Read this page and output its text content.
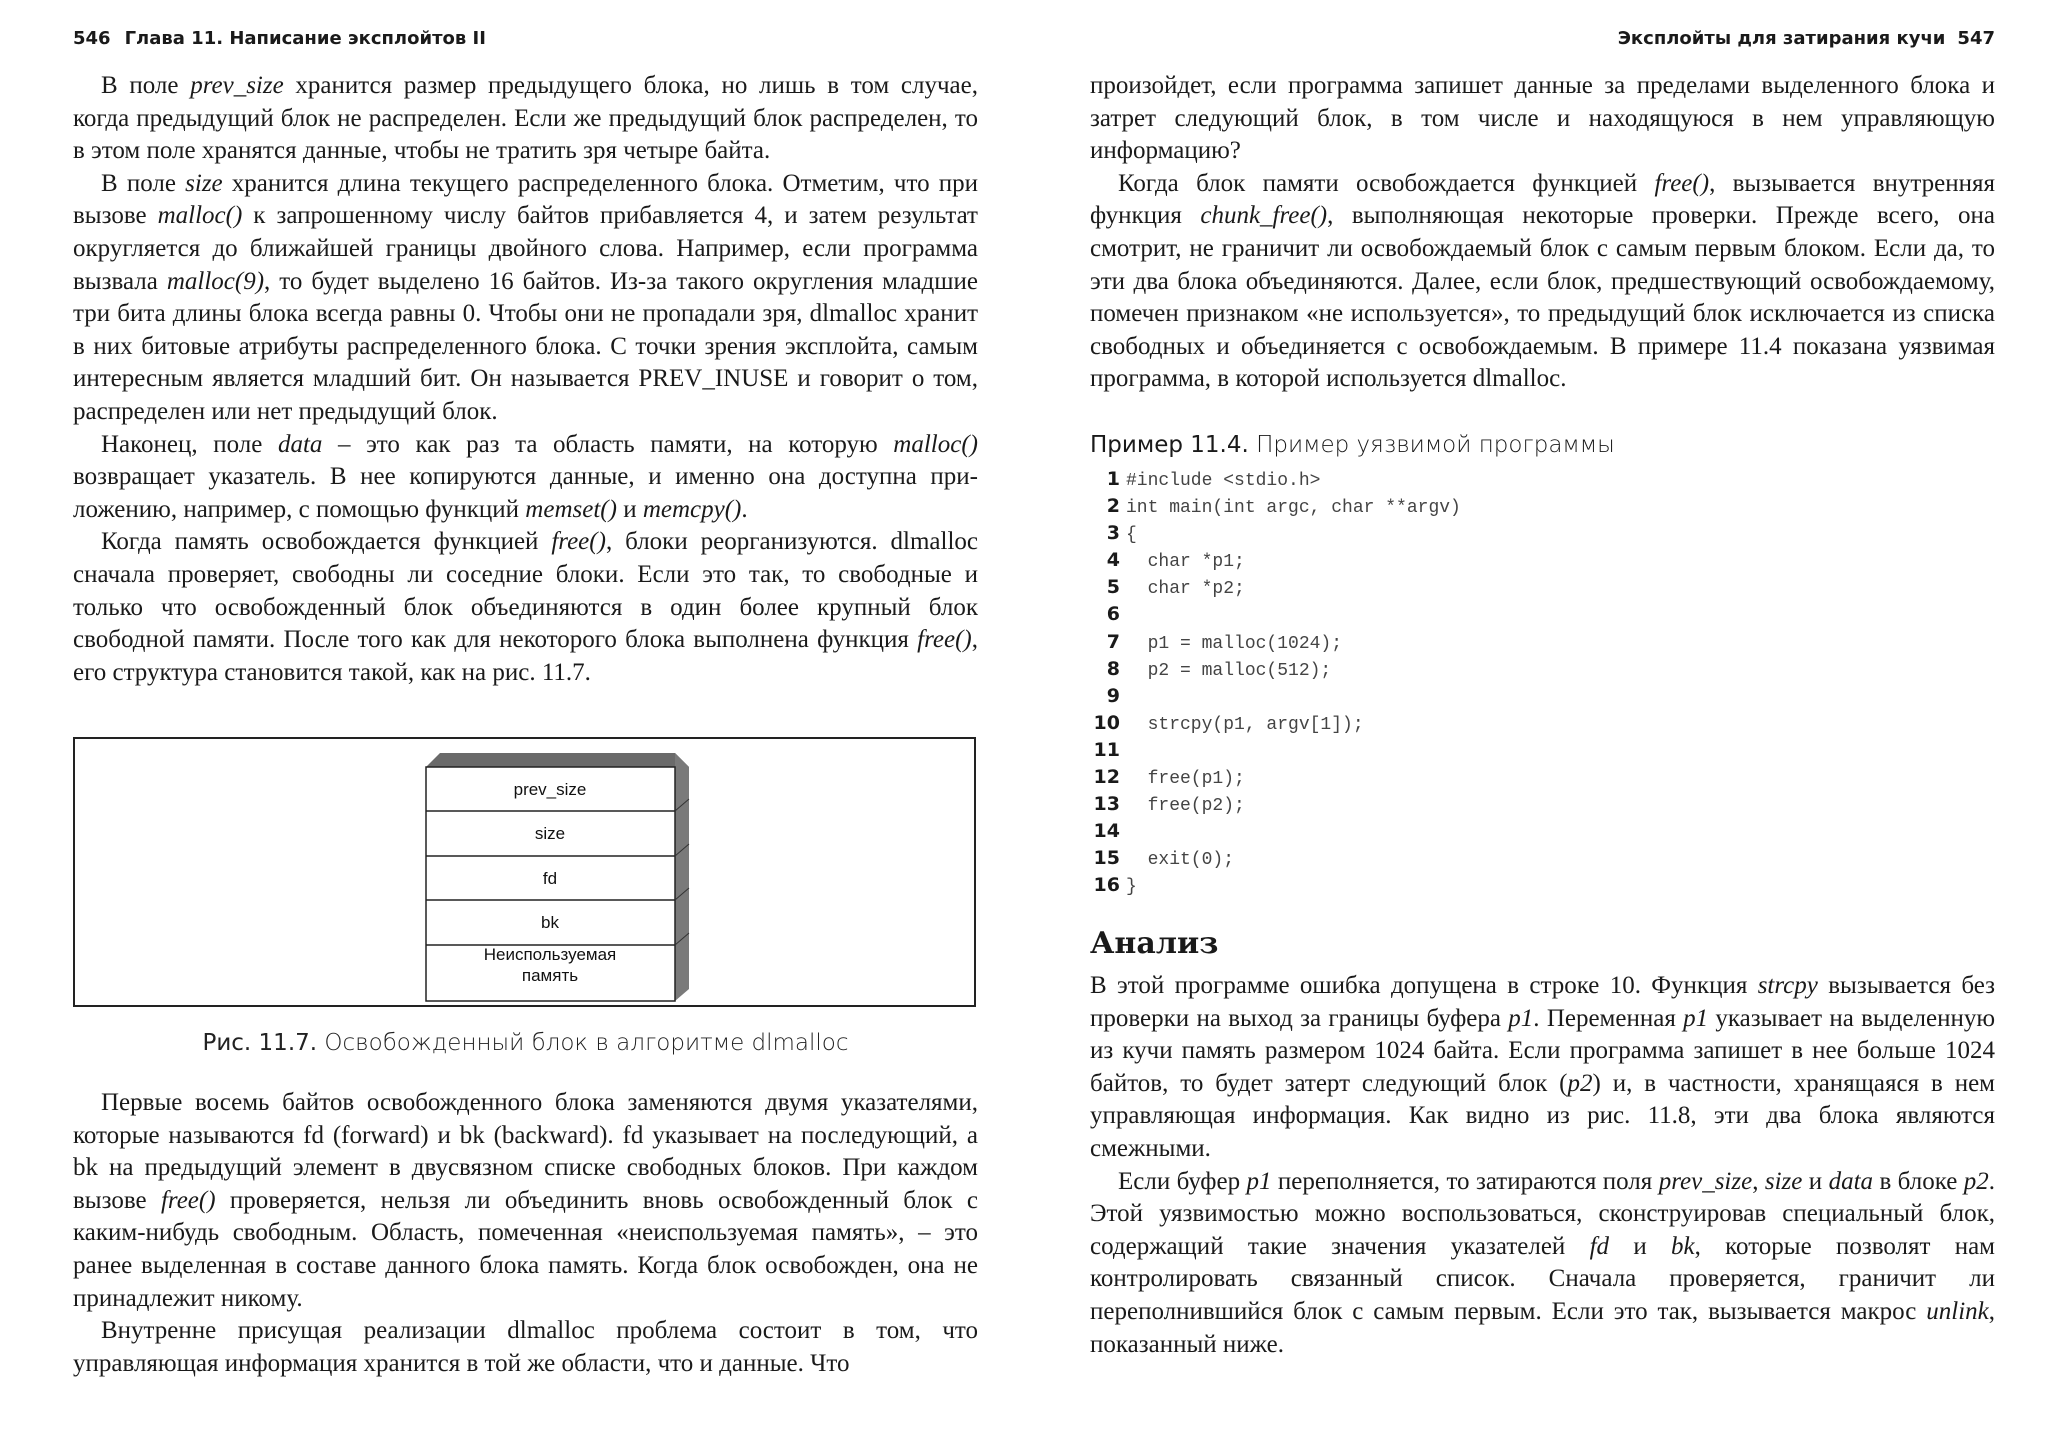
546 Глава 11. Написание эксплойтов II

В поле prev_size хранится размер предыдущего блока, но лишь в том случае, когда предыдущий блок не распределен. Если же предыдущий блок распределен, то в этом поле хранятся данные, чтобы не тратить зря четыре байта.

В поле size хранится длина текущего распределенного блока. Отметим, что при вызове malloc() к запрошенному числу байтов прибавляется 4, и затем результат округляется до ближайшей границы двойного слова. Например, если программа вызвала malloc(9), то будет выделено 16 байтов. Из-за такого округления младшие три бита длины блока всегда равны 0. Чтобы они не пропадали зря, dlmalloc хранит в них битовые атрибуты распределенного блока. С точки зрения эксплойта, самым интересным является младший бит. Он называется PREV_INUSE и говорит о том, распределен или нет предыдущий блок.

Наконец, поле data – это как раз та область памяти, на которую malloc() возвращает указатель. В нее копируются данные, и именно она доступна приложению, например, с помощью функций memset() и memcpy().

Когда память освобождается функцией free(), блоки реорганизуются. dlmalloc сначала проверяет, свободны ли соседние блоки. Если это так, то свободные и только что освобожденный блок объединяются в один более крупный блок свободной памяти. После того как для некоторого блока выполнена функция free(), его структура становится такой, как на рис. 11.7.

prev_size
size
fd
bk
Неиспользуемая память
Рис. 11.7. Освобожденный блок в алгоритме dlmalloc

Первые восемь байтов освобожденного блока заменяются двумя указателями, которые называются fd (forward) и bk (backward). fd указывает на последующий, а bk на предыдущий элемент в двусвязном списке свободных блоков. При каждом вызове free() проверяется, нельзя ли объединить вновь освобожденный блок с каким-нибудь свободным. Область, помеченная «неиспользуемая память», – это ранее выделенная в составе данного блока память. Когда блок освобожден, она не принадлежит никому.

Внутренне присущая реализации dlmalloc проблема состоит в том, что управляющая информация хранится в той же области, что и данные. Что

Эксплойты для затирания кучи 547

произойдет, если программа запишет данные за пределами выделенного блока и затрет следующий блок, в том числе и находящуюся в нем управляющую информацию?

Когда блок памяти освобождается функцией free(), вызывается внутренняя функция chunk_free(), выполняющая некоторые проверки. Прежде всего, она смотрит, не граничит ли освобождаемый блок с самым первым блоком. Если да, то эти два блока объединяются. Далее, если блок, предшествующий освобождаемому, помечен признаком «не используется», то предыдущий блок исключается из списка свободных и объединяется с освобождаемым. В примере 11.4 показана уязвимая программа, в которой используется dlmalloc.

Пример 11.4. Пример уязвимой программы
1 #include <stdio.h>
2 int main(int argc, char **argv)
3 {
4  char *p1;
5  char *p2;
6
7  p1 = malloc(1024);
8  p2 = malloc(512);
9
10  strcpy(p1, argv[1]);
11
12  free(p1);
13  free(p2);
14
15  exit(0);
16 }
Анализ

В этой программе ошибка допущена в строке 10. Функция strcpy вызывается без проверки на выход за границы буфера p1. Переменная p1 указывает на выделенную из кучи память размером 1024 байта. Если программа запишет в нее больше 1024 байтов, то будет затерт следующий блок (p2) и, в частности, хранящаяся в нем управляющая информация. Как видно из рис. 11.8, эти два блока являются смежными.

Если буфер p1 переполняется, то затираются поля prev_size, size и data в блоке p2. Этой уязвимостью можно воспользоваться, сконструировав специальный блок, содержащий такие значения указателей fd и bk, которые позволят нам контролировать связанный список. Сначала проверяется, граничит ли переполнившийся блок с самым первым. Если это так, вызывается макрос unlink, показанный ниже.
